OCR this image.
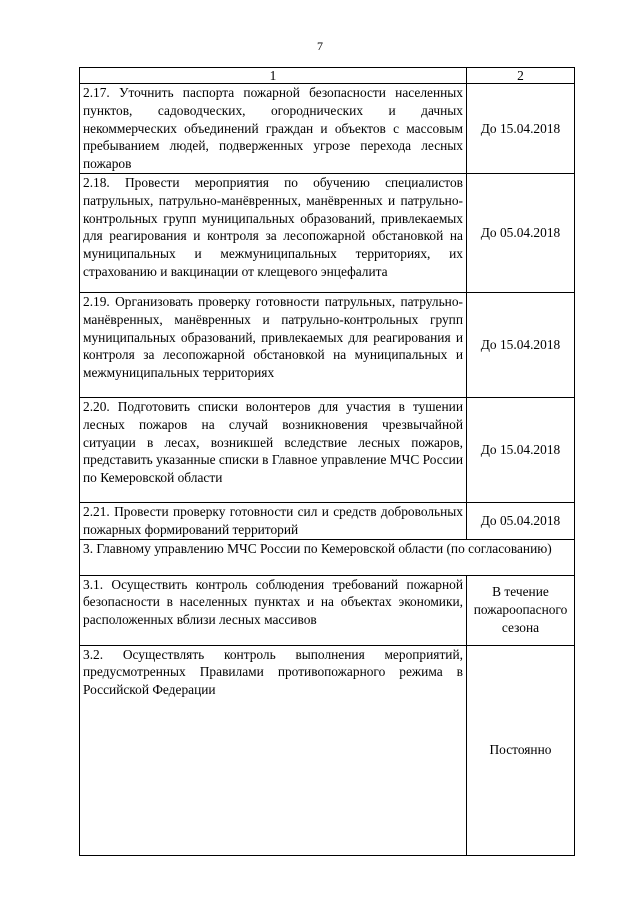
7
1	2
2.17. Уточнить паспорта пожарной безопасности населенных пунктов, садоводческих, огороднических и дачных некоммерческих объединений граждан и объектов с массовым пребыванием людей, подверженных угрозе перехода лесных пожаров	До 15.04.2018
2.18. Провести мероприятия по обучению специалистов патрульных, патрульно-манёвренных, манёвренных и патрульно-контрольных групп муниципальных образований, привлекаемых для реагирования и контроля за лесопожарной обстановкой на муниципальных и межмуниципальных территориях, их страхованию и вакцинации от клещевого энцефалита	До 05.04.2018
2.19. Организовать проверку готовности патрульных, патрульно-манёвренных, манёвренных и патрульно-контрольных групп муниципальных образований, привлекаемых для реагирования и контроля за лесопожарной обстановкой на муниципальных и межмуниципальных территориях	До 15.04.2018
2.20. Подготовить списки волонтеров для участия в тушении лесных пожаров на случай возникновения чрезвычайной ситуации в лесах, возникшей вследствие лесных пожаров, представить указанные списки в Главное управление МЧС России по Кемеровской области	До 15.04.2018
2.21. Провести проверку готовности сил и средств добровольных пожарных формирований территорий	До 05.04.2018
3. Главному управлению МЧС России по Кемеровской области (по согласованию)	
3.1. Осуществить контроль соблюдения требований пожарной безопасности в населенных пунктах и на объектах экономики, расположенных вблизи лесных массивов	В течение пожароопасного сезона
3.2. Осуществлять контроль выполнения мероприятий, предусмотренных Правилами противопожарного режима в Российской Федерации	Постоянно
